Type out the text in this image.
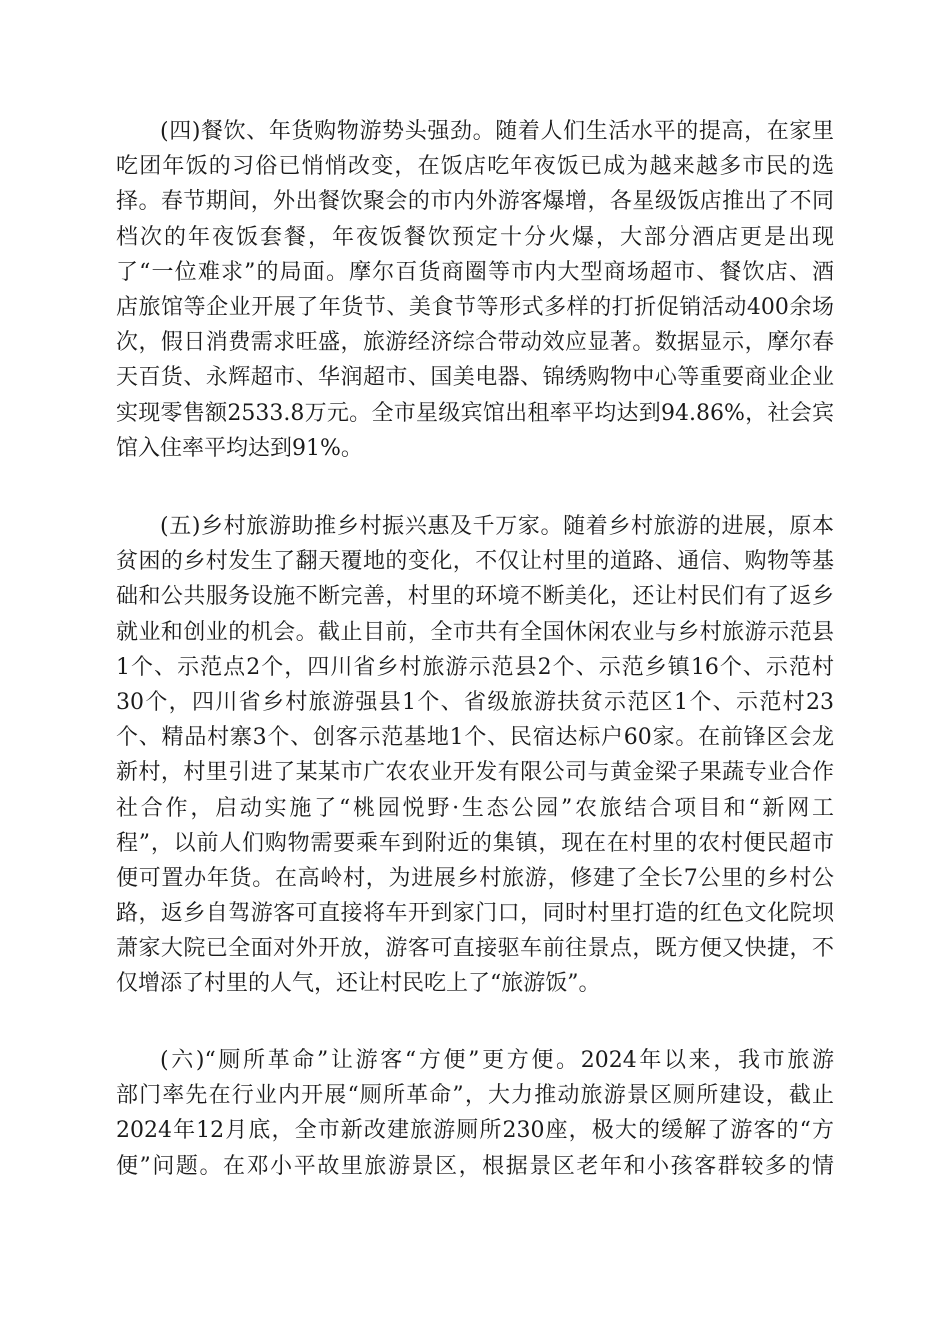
(四)餐饮、年货购物游势头强劲。随着人们生活水平的提高，在家里
吃团年饭的习俗已悄悄改变，在饭店吃年夜饭已成为越来越多市民的选
择。春节期间，外出餐饮聚会的市内外游客爆增，各星级饭店推出了不同
档次的年夜饭套餐，年夜饭餐饮预定十分火爆，大部分酒店更是出现
了“一位难求”的局面。摩尔百货商圈等市内大型商场超市、餐饮店、酒
店旅馆等企业开展了年货节、美食节等形式多样的打折促销活动400余场
次，假日消费需求旺盛，旅游经济综合带动效应显著。数据显示，摩尔春
天百货、永辉超市、华润超市、国美电器、锦绣购物中心等重要商业企业
实现零售额2533.8万元。全市星级宾馆出租率平均达到94.86%，社会宾
馆入住率平均达到91%。
(五)乡村旅游助推乡村振兴惠及千万家。随着乡村旅游的进展，原本
贫困的乡村发生了翻天覆地的变化，不仅让村里的道路、通信、购物等基
础和公共服务设施不断完善，村里的环境不断美化，还让村民们有了返乡
就业和创业的机会。截止目前，全市共有全国休闲农业与乡村旅游示范县
1个、示范点2个，四川省乡村旅游示范县2个、示范乡镇16个、示范村
30个，四川省乡村旅游强县1个、省级旅游扶贫示范区1个、示范村23
个、精品村寨3个、创客示范基地1个、民宿达标户60家。在前锋区会龙
新村，村里引进了某某市广农农业开发有限公司与黄金梁子果蔬专业合作
社合作，启动实施了“桃园悦野·生态公园”农旅结合项目和“新网工
程”，以前人们购物需要乘车到附近的集镇，现在在村里的农村便民超市
便可置办年货。在高岭村，为进展乡村旅游，修建了全长7公里的乡村公
路，返乡自驾游客可直接将车开到家门口，同时村里打造的红色文化院坝
萧家大院已全面对外开放，游客可直接驱车前往景点，既方便又快捷，不
仅增添了村里的人气，还让村民吃上了“旅游饭”。
(六)“厕所革命”让游客“方便”更方便。2024年以来，我市旅游
部门率先在行业内开展“厕所革命”，大力推动旅游景区厕所建设，截止
2024年12月底，全市新改建旅游厕所230座，极大的缓解了游客的“方
便”问题。在邓小平故里旅游景区，根据景区老年和小孩客群较多的情
